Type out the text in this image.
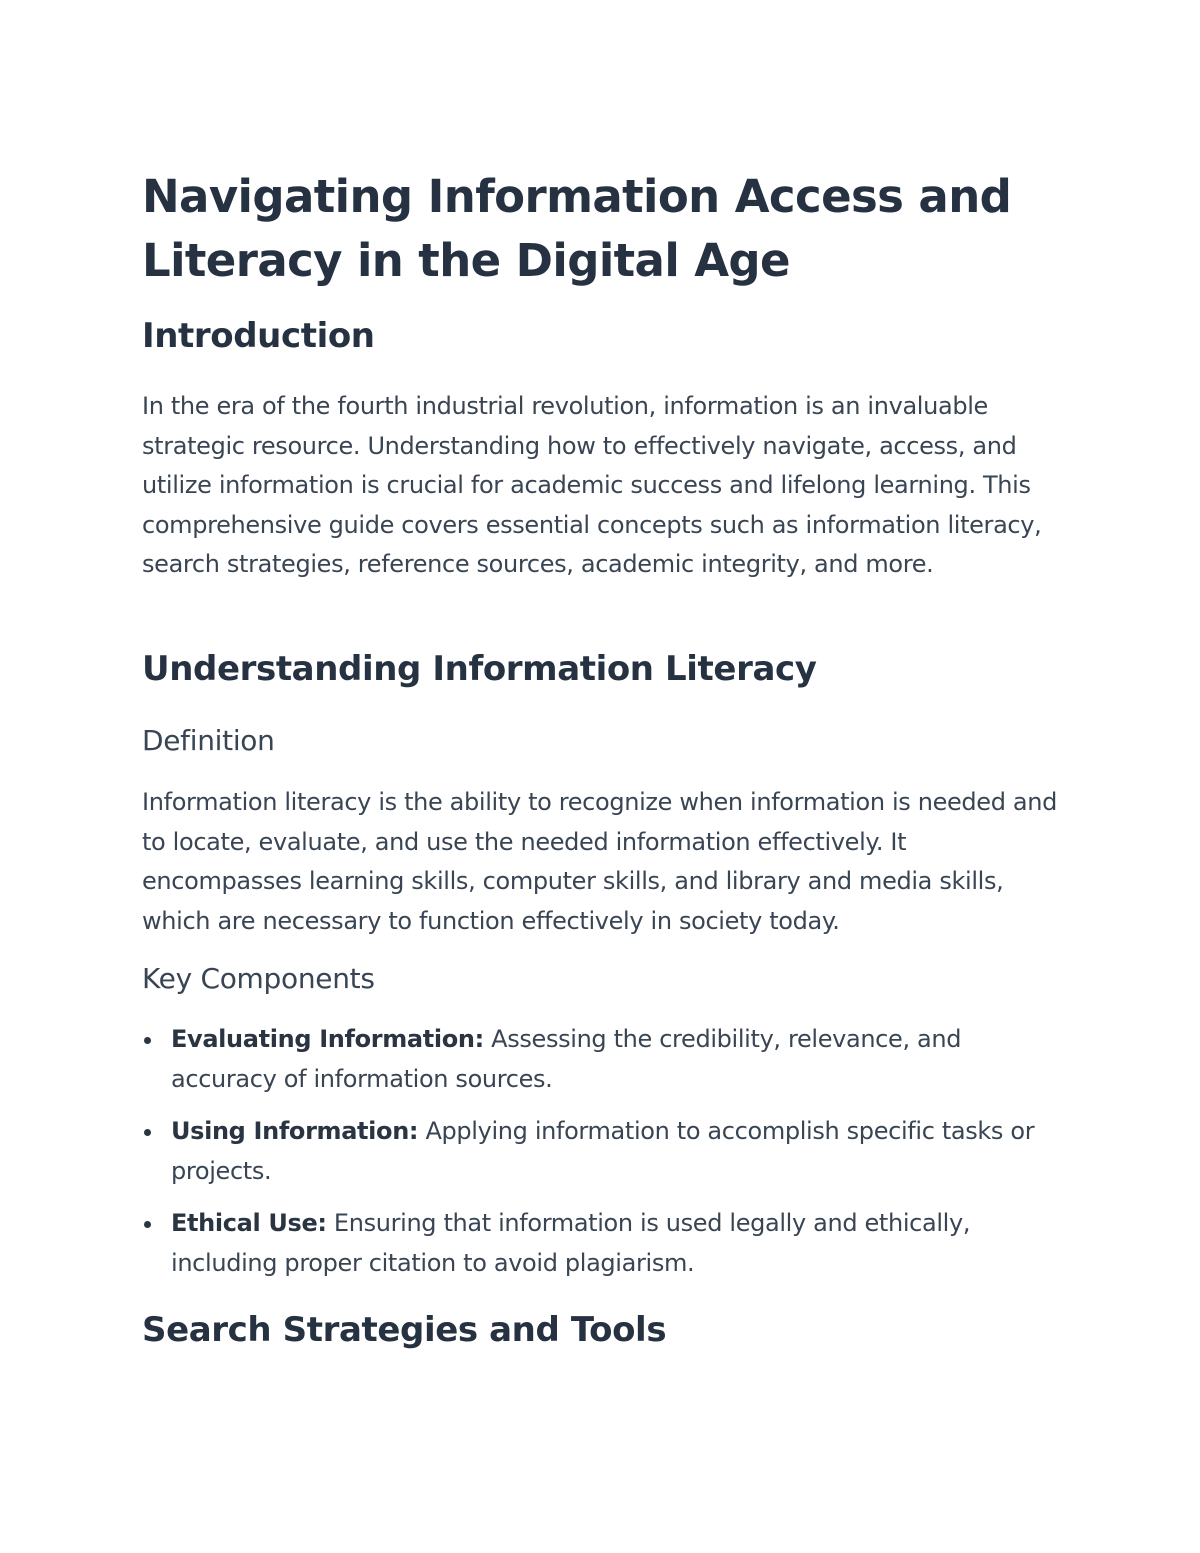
Navigating Information Access and Literacy in the Digital Age
Introduction

In the era of the fourth industrial revolution, information is an invaluable strategic resource. Understanding how to effectively navigate, access, and utilize information is crucial for academic success and lifelong learning. This comprehensive guide covers essential concepts such as information literacy, search strategies, reference sources, academic integrity, and more.

Understanding Information Literacy
Definition

Information literacy is the ability to recognize when information is needed and to locate, evaluate, and use the needed information effectively. It encompasses learning skills, computer skills, and library and media skills, which are necessary to function effectively in society today.

Key Components
Evaluating Information: Assessing the credibility, relevance, and accuracy of information sources.
Using Information: Applying information to accomplish specific tasks or projects.
Ethical Use: Ensuring that information is used legally and ethically, including proper citation to avoid plagiarism.
Search Strategies and Tools
